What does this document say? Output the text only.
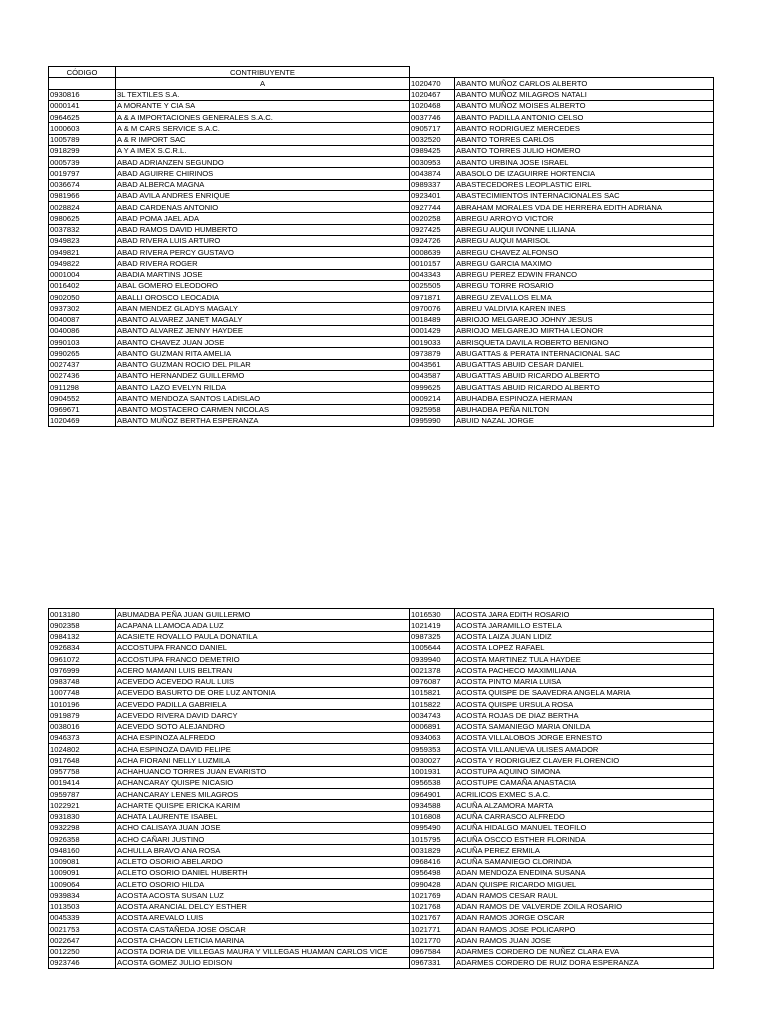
CÓDIGO	CONTRIBUYENTE		
	A	1020470	ABANTO MUÑOZ CARLOS ALBERTO
0930816	3L TEXTILES S.A.	1020467	ABANTO MUÑOZ MILAGROS NATALI
0000141	A MORANTE Y CIA SA	1020468	ABANTO MUÑOZ MOISES ALBERTO
0964625	A & A IMPORTACIONES GENERALES S.A.C.	0037746	ABANTO PADILLA ANTONIO CELSO
1000603	A & M CARS SERVICE S.A.C.	0905717	ABANTO RODRIGUEZ MERCEDES
1005789	A & R IMPORT SAC	0032520	ABANTO TORRES CARLOS
0918299	A Y A IMEX S.C.R.L.	0989425	ABANTO TORRES JULIO HOMERO
0005739	ABAD ADRIANZEN SEGUNDO	0030953	ABANTO URBINA JOSE ISRAEL
0019797	ABAD AGUIRRE CHIRINOS	0043874	ABASOLO DE IZAGUIRRE HORTENCIA
0036674	ABAD ALBERCA MAGNA	0989337	ABASTECEDORES LEOPLASTIC EIRL
0981966	ABAD AVILA ANDRES ENRIQUE	0923401	ABASTECIMIENTOS INTERNACIONALES SAC
0028824	ABAD CARDENAS ANTONIO	0927744	ABRAHAM MORALES VDA DE HERRERA EDITH ADRIANA
0980625	ABAD POMA JAEL ADA	0020258	ABREGU ARROYO VICTOR
0037832	ABAD RAMOS DAVID HUMBERTO	0927425	ABREGU AUQUI IVONNE LILIANA
0949823	ABAD RIVERA LUIS ARTURO	0924726	ABREGU AUQUI MARISOL
0949821	ABAD RIVERA PERCY GUSTAVO	0008639	ABREGU CHAVEZ ALFONSO
0949822	ABAD RIVERA ROGER	0010157	ABREGU GARCIA MAXIMO
0001004	ABADIA MARTINS JOSE	0043343	ABREGU PEREZ EDWIN FRANCO
0016402	ABAL GOMERO ELEODORO	0025505	ABREGU TORRE ROSARIO
0902050	ABALLI OROSCO LEOCADIA	0971871	ABREGU ZEVALLOS ELMA
0937302	ABAN MENDEZ GLADYS MAGALY	0970076	ABREU VALDIVIA KAREN INES
0040087	ABANTO ALVAREZ JANET MAGALY	0018489	ABRIOJO MELGAREJO JOHNY JESUS
0040086	ABANTO ALVAREZ JENNY HAYDEE	0001429	ABRIOJO MELGAREJO MIRTHA LEONOR
0990103	ABANTO CHAVEZ JUAN JOSE	0019033	ABRISQUETA DAVILA ROBERTO BENIGNO
0990265	ABANTO GUZMAN RITA AMELIA	0973879	ABUGATTAS & PERATA INTERNACIONAL SAC
0027437	ABANTO GUZMAN ROCIO DEL PILAR	0043561	ABUGATTAS ABUID CESAR DANIEL
0027436	ABANTO HERNANDEZ GUILLERMO	0043587	ABUGATTAS ABUID RICARDO ALBERTO
0911298	ABANTO LAZO EVELYN RILDA	0999625	ABUGATTAS ABUID RICARDO ALBERTO
0904552	ABANTO MENDOZA SANTOS LADISLAO	0009214	ABUHADBA ESPINOZA HERMAN
0969671	ABANTO MOSTACERO CARMEN NICOLAS	0925958	ABUHADBA PEÑA NILTON
1020469	ABANTO MUÑOZ BERTHA ESPERANZA	0995990	ABUID NAZAL JORGE
0013180	ABUMADBA PEÑA JUAN GUILLERMO	1016530	ACOSTA JARA EDITH ROSARIO
0902358	ACAPANA LLAMOCA ADA LUZ	1021419	ACOSTA JARAMILLO ESTELA
0984132	ACASIETE ROVALLO PAULA DONATILA	0987325	ACOSTA LAIZA JUAN LIDIZ
0926834	ACCOSTUPA FRANCO DANIEL	1005644	ACOSTA LOPEZ RAFAEL
0961072	ACCOSTUPA FRANCO DEMETRIO	0939940	ACOSTA MARTINEZ TULA HAYDEE
0976999	ACERO MAMANI LUIS BELTRAN	0021378	ACOSTA PACHECO MAXIMILIANA
0983748	ACEVEDO ACEVEDO RAUL LUIS	0976087	ACOSTA PINTO MARIA LUISA
1007748	ACEVEDO BASURTO DE ORE LUZ ANTONIA	1015821	ACOSTA QUISPE DE SAAVEDRA ANGELA MARIA
1010196	ACEVEDO PADILLA GABRIELA	1015822	ACOSTA QUISPE URSULA ROSA
0919879	ACEVEDO RIVERA DAVID DARCY	0034743	ACOSTA ROJAS DE DIAZ BERTHA
0038016	ACEVEDO SOTO ALEJANDRO	0006891	ACOSTA SAMANIEGO MARIA ONILDA
0946373	ACHA ESPINOZA ALFREDO	0934063	ACOSTA VILLALOBOS JORGE ERNESTO
1024802	ACHA ESPINOZA DAVID FELIPE	0959353	ACOSTA VILLANUEVA ULISES AMADOR
0917648	ACHA FIORANI NELLY LUZMILA	0030027	ACOSTA Y RODRIGUEZ CLAVER FLORENCIO
0957758	ACHAHUANCO TORRES JUAN EVARISTO	1001931	ACOSTUPA AQUINO SIMONA
0019414	ACHANCARAY QUISPE NICASIO	0956538	ACOSTUPE CAMAÑA ANASTACIA
0959787	ACHANCARAY LENES MILAGROS	0964901	ACRILICOS EXMEC S.A.C.
1022921	ACHARTE QUISPE ERICKA KARIM	0934588	ACUÑA ALZAMORA MARTA
0931830	ACHATA LAURENTE ISABEL	1016808	ACUÑA CARRASCO ALFREDO
0932298	ACHO CALISAYA JUAN JOSE	0995490	ACUÑA HIDALGO MANUEL TEOFILO
0926358	ACHO CAÑARI JUSTINO	1015795	ACUÑA OSCCO ESTHER FLORINDA
0948160	ACHULLA BRAVO ANA ROSA	0031829	ACUÑA PEREZ ERMILA
1009081	ACLETO OSORIO ABELARDO	0968416	ACUÑA SAMANIEGO CLORINDA
1009091	ACLETO OSORIO DANIEL HUBERTH	0956498	ADAN MENDOZA ENEDINA SUSANA
1009064	ACLETO OSORIO HILDA	0990428	ADAN QUISPE RICARDO MIGUEL
0939834	ACOSTA ACOSTA SUSAN LUZ	1021769	ADAN RAMOS CESAR RAUL
1013503	ACOSTA ARANCIAL DELCY ESTHER	1021768	ADAN RAMOS DE VALVERDE ZOILA ROSARIO
0045339	ACOSTA AREVALO LUIS	1021767	ADAN RAMOS JORGE OSCAR
0021753	ACOSTA CASTAÑEDA JOSE OSCAR	1021771	ADAN RAMOS JOSE POLICARPO
0022647	ACOSTA CHACON LETICIA MARINA	1021770	ADAN RAMOS JUAN JOSE
0012250	ACOSTA DORIA DE VILLEGAS MAURA Y VILLEGAS HUAMAN CARLOS VICE	0967584	ADARMES CORDERO DE NUÑEZ CLARA EVA
0923746	ACOSTA GOMEZ JULIO EDISON	0967331	ADARMES CORDERO DE RUIZ DORA ESPERANZA
